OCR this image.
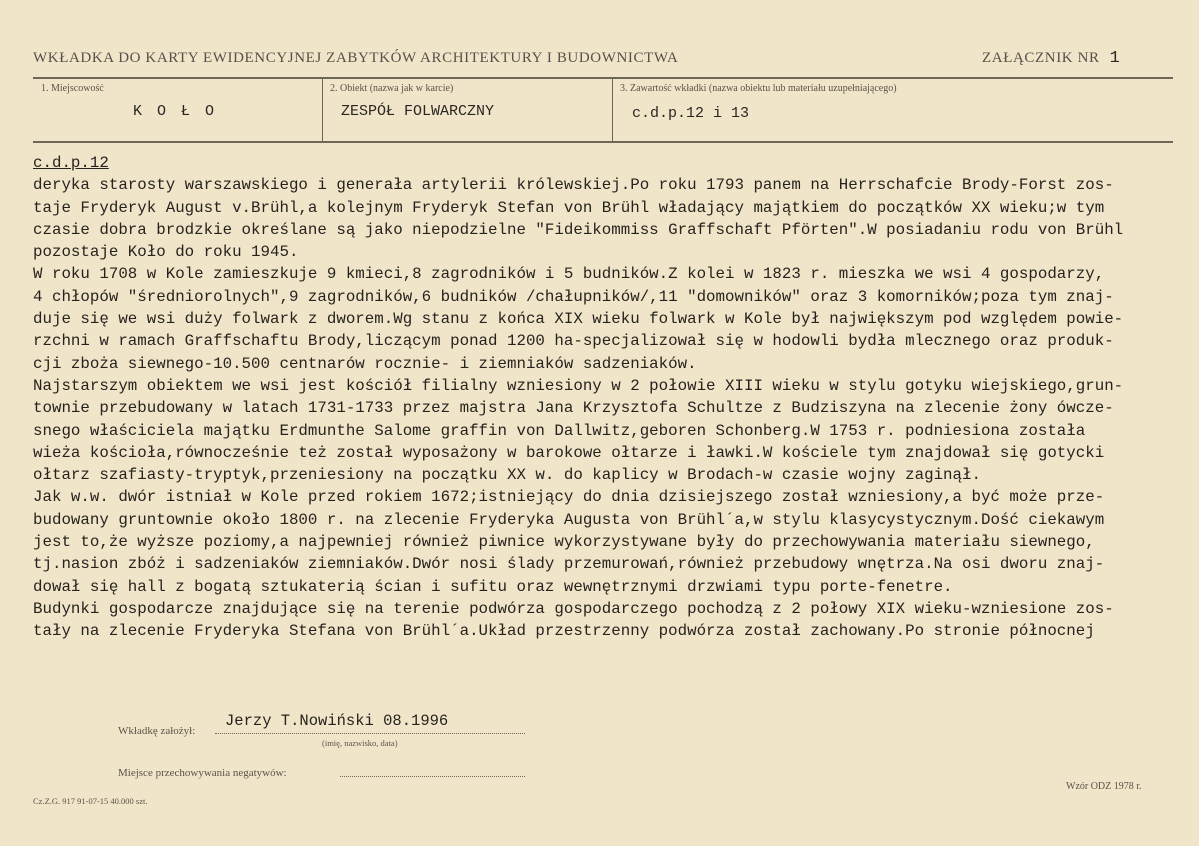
WKŁADKA DO KARTY EWIDENCYJNEJ ZABYTKÓW ARCHITEKTURY I BUDOWNICTWA	ZAŁĄCZNIK NR 1
1. Miejscowość
K O Ł O
2. Obiekt (nazwa jak w karcie)
ZESPÓŁ FOLWARCZNY
3. Zawartość wkładki (nazwa obiektu lub materiału uzupełniającego)
c.d.p.12 i 13
c.d.p.12
deryka starosty warszawskiego i generała artylerii królewskiej.Po roku 1793 panem na Herrschafcie Brody-Forst zos-
taje Fryderyk August v.Brühl,a kolejnym Fryderyk Stefan von Brühl władający majątkiem do początków XX wieku;w tym
czasie dobra brodzkie określane są jako niepodzielne "Fideikommiss Graffschaft Pförten".W posiadaniu rodu von Brühl
pozostaje Koło do roku 1945.
W roku 1708 w Kole zamieszkuje 9 kmieci,8 zagrodników i 5 budników.Z kolei w 1823 r. mieszka we wsi 4 gospodarzy,
4 chłopów "średniorolnych",9 zagrodników,6 budników /chałupników/,11 "domowników" oraz 3 komorników;poza tym znaj-
duje się we wsi duży folwark z dworem.Wg stanu z końca XIX wieku folwark w Kole był największym pod względem powie-
rzchni w ramach Graffschaftu Brody,liczącym ponad 1200 ha-specjalizował się w hodowli bydła mlecznego oraz produk-
cji zboża siewnego-10.500 centnarów rocznie- i ziemniaków sadzeniaków.
Najstarszym obiektem we wsi jest kościół filialny wzniesiony w 2 połowie XIII wieku w stylu gotyku wiejskiego,grun-
townie przebudowany w latach 1731-1733 przez majstra Jana Krzysztofa Schultze z Budziszyna na zlecenie żony ówcze-
snego właściciela majątku Erdmunthe Salome graffin von Dallwitz,geboren Schonberg.W 1753 r. podniesiona została
wieża kościoła,równocześnie też został wyposażony w barokowe ołtarze i ławki.W kościele tym znajdował się gotycki
ołtarz szafiasty-tryptyk,przeniesiony na początku XX w. do kaplicy w Brodach-w czasie wojny zaginął.
Jak w.w. dwór istniał w Kole przed rokiem 1672;istniejący do dnia dzisiejszego został wzniesiony,a być może prze-
budowany gruntownie około 1800 r. na zlecenie Fryderyka Augusta von Brühl´a,w stylu klasycystycznym.Dość ciekawym
jest to,że wyższe poziomy,a najpewniej również piwnice wykorzystywane były do przechowywania materiału siewnego,
tj.nasion zbóż i sadzeniaków ziemniaków.Dwór nosi ślady przemurowań,również przebudowy wnętrza.Na osi dworu znaj-
dował się hall z bogatą sztukaterią ścian i sufitu oraz wewnętrznymi drzwiami typu porte-fenetre.
Budynki gospodarcze znajdujące się na terenie podwórza gospodarczego pochodzą z 2 połowy XIX wieku-wzniesione zos-
tały na zlecenie Fryderyka Stefana von Brühl´a.Układ przestrzenny podwórza został zachowany.Po stronie północnej
Wkładkę założył:
Jerzy T.Nowiński 08.1996
(imię, nazwisko, data)
Miejsce przechowywania negatywów:
Cz.Z.G. 917 91-07-15 40.000 szt.
Wzór ODZ 1978 r.
